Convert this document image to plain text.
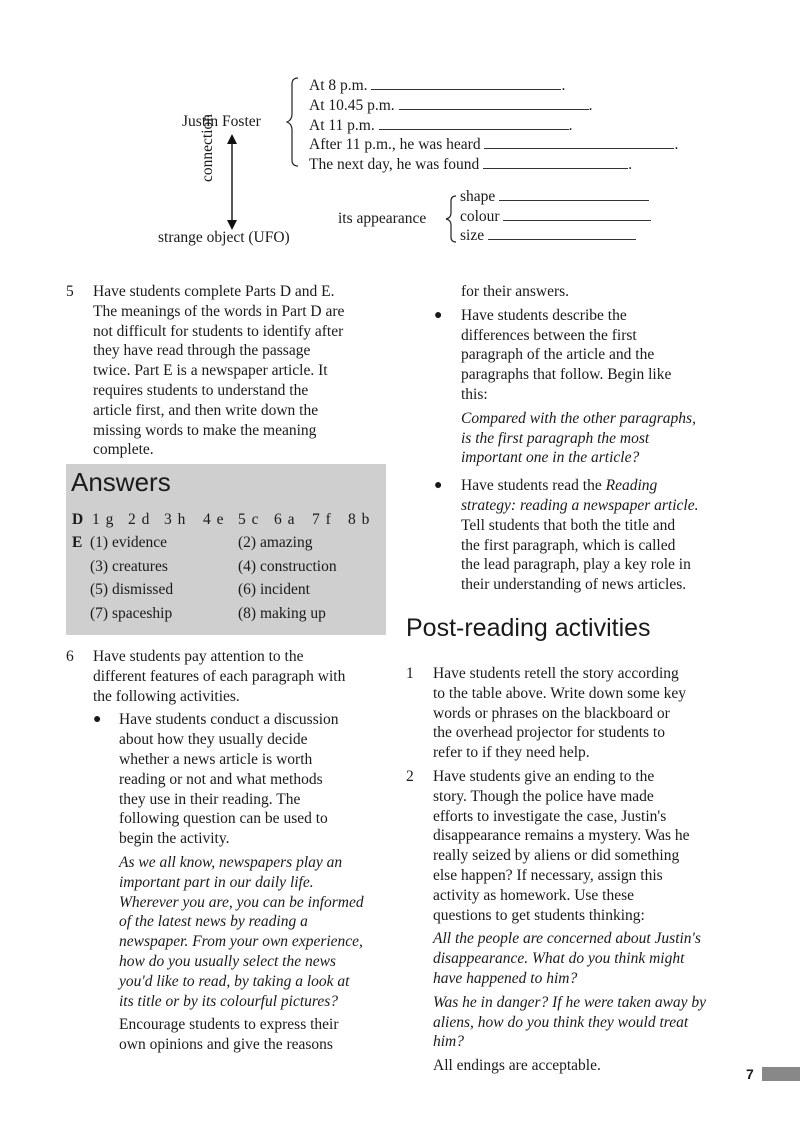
Justin Foster
At 8 p.m.	.
At 10.45 p.m.	.
At 11 p.m.	.
After 11 p.m., he was heard	.
The next day, he was found	.
connection
strange object (UFO)
its appearance
shape
colour
size
5 Have students complete Parts D and E.
The meanings of the words in Part D are
not difficult for students to identify after
they have read through the passage
twice. Part E is a newspaper article. It
requires students to understand the
article first, and then write down the
missing words to make the meaning
complete.
Answers
D 1 g 2 d 3 h 4 e 5 c 6 a 7 f 8 b
E (1) evidence	(2) amazing
(3) creatures	(4) construction
(5) dismissed	(6) incident
(7) spaceship	(8) making up
6 Have students pay attention to the
different features of each paragraph with
the following activities.
● Have students conduct a discussion
about how they usually decide
whether a news article is worth
reading or not and what methods
they use in their reading. The
following question can be used to
begin the activity.
As we all know, newspapers play an
important part in our daily life.
Wherever you are, you can be informed
of the latest news by reading a
newspaper. From your own experience,
how do you usually select the news
you'd like to read, by taking a look at
its title or by its colourful pictures?
Encourage students to express their
own opinions and give the reasons
for their answers.
● Have students describe the
differences between the first
paragraph of the article and the
paragraphs that follow. Begin like
this:
Compared with the other paragraphs,
is the first paragraph the most
important one in the article?
● Have students read the Reading
strategy: reading a newspaper article.
Tell students that both the title and
the first paragraph, which is called
the lead paragraph, play a key role in
their understanding of news articles.
Post-reading activities
1 Have students retell the story according
to the table above. Write down some key
words or phrases on the blackboard or
the overhead projector for students to
refer to if they need help.
2 Have students give an ending to the
story. Though the police have made
efforts to investigate the case, Justin's
disappearance remains a mystery. Was he
really seized by aliens or did something
else happen? If necessary, assign this
activity as homework. Use these
questions to get students thinking:
All the people are concerned about Justin's
disappearance. What do you think might
have happened to him?
Was he in danger? If he were taken away by
aliens, how do you think they would treat
him?
All endings are acceptable.	7
